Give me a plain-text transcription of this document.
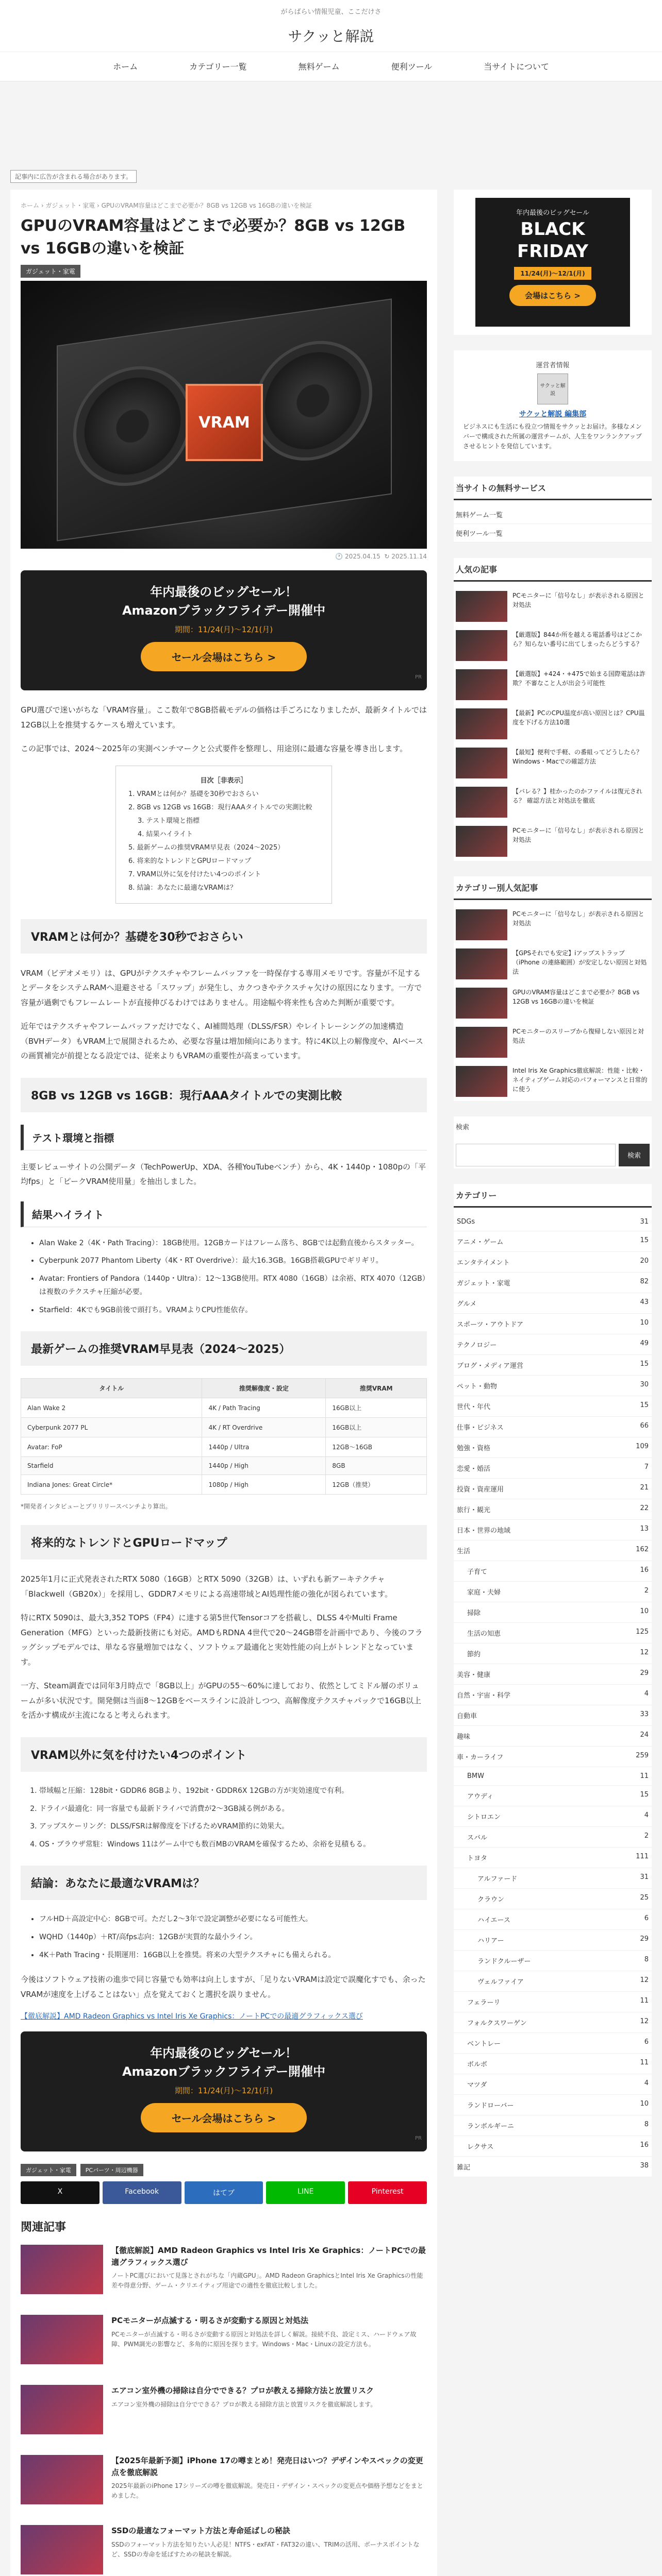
がらばらい情報児童、ここだけさ
サクッと解説
ホーム	カテゴリー一覧	無料ゲーム	便利ツール	当サイトについて
記事内に広告が含まれる場合があります。
ホーム › ガジェット・家電 › GPUのVRAM容量はどこまで必要か？8GB vs 12GB vs 16GBの違いを検証
GPUのVRAM容量はどこまで必要か？8GB vs 12GB vs 16GBの違いを検証
ガジェット・家電
VRAM
🕐 2025.04.15 ↻ 2025.11.14
年内最後のビッグセール！
Amazonブラックフライデー開催中
期間：11/24(月)〜12/1(月)
セール会場はこちら >
PR

GPU選びで迷いがちな「VRAM容量」。ここ数年で8GB搭載モデルの価格は手ごろになりましたが、最新タイトルでは12GB以上を推奨するケースも増えています。

この記事では、2024〜2025年の実測ベンチマークと公式要件を整理し、用途別に最適な容量を導き出します。

目次［非表示］
1. VRAMとは何か？基礎を30秒でおさらい
2. 8GB vs 12GB vs 16GB：現行AAAタイトルでの実測比較
3. テスト環境と指標
4. 結果ハイライト
5. 最新ゲームの推奨VRAM早見表（2024〜2025）
6. 将来的なトレンドとGPUロードマップ
7. VRAM以外に気を付けたい4つのポイント
8. 結論：あなたに最適なVRAMは？
VRAMとは何か？基礎を30秒でおさらい

VRAM（ビデオメモリ）は、GPUがテクスチャやフレームバッファを一時保存する専用メモリです。容量が不足するとデータをシステムRAMへ退避させる「スワップ」が発生し、カクつきやテクスチャ欠けの原因になります。一方で容量が過剰でもフレームレートが直接伸びるわけではありません。用途幅や将来性も含めた判断が重要です。

近年ではテクスチャやフレームバッファだけでなく、AI補間処理（DLSS/FSR）やレイトレーシングの加速構造（BVHデータ）もVRAM上で展開されるため、必要な容量は増加傾向にあります。特に4K以上の解像度や、AIベースの画質補完が前提となる設定では、従来よりもVRAMの重要性が高まっています。

8GB vs 12GB vs 16GB：現行AAAタイトルでの実測比較
テスト環境と指標

主要レビューサイトの公開データ（TechPowerUp、XDA、各種YouTubeベンチ）から、4K・1440p・1080pの「平均fps」と「ピークVRAM使用量」を抽出しました。

結果ハイライト
• Alan Wake 2（4K・Path Tracing）：18GB使用。12GBカードはフレーム落ち、8GBでは起動直後からスタッター。
• Cyberpunk 2077 Phantom Liberty（4K・RT Overdrive）：最大16.3GB。16GB搭載GPUでギリギリ。
• Avatar: Frontiers of Pandora（1440p・Ultra）：12〜13GB使用。RTX 4080（16GB）は余裕、RTX 4070（12GB）は複数のテクスチャ圧縮が必要。
• Starfield：4Kでも9GB前後で頭打ち。VRAMよりCPU性能依存。
最新ゲームの推奨VRAM早見表（2024〜2025）
タイトル	推奨解像度・設定	推奨VRAM
Alan Wake 2	4K / Path Tracing	16GB以上
Cyberpunk 2077 PL	4K / RT Overdrive	16GB以上
Avatar: FoP	1440p / Ultra	12GB〜16GB
Starfield	1440p / High	8GB
Indiana Jones: Great Circle*	1080p / High	12GB（推奨）
*開発者インタビューとプリリリースベンチより算出。
将来的なトレンドとGPUロードマップ

2025年1月に正式発表されたRTX 5080（16GB）とRTX 5090（32GB）は、いずれも新アーキテクチャ「Blackwell（GB20x）」を採用し、GDDR7メモリによる高速帯域とAI処理性能の強化が図られています。

特にRTX 5090は、最大3,352 TOPS（FP4）に達する第5世代Tensorコアを搭載し、DLSS 4やMulti Frame Generation（MFG）といった最新技術にも対応。AMDもRDNA 4世代で20〜24GB帯を計画中であり、今後のフラッグシップモデルでは、単なる容量増加ではなく、ソフトウェア最適化と実効性能の向上がトレンドとなっています。

一方、Steam調査では同年3月時点で「8GB以上」がGPUの55〜60%に達しており、依然としてミドル層のボリュームが多い状況です。開発側は当面8〜12GBをベースラインに設計しつつ、高解像度テクスチャパックで16GB以上を活かす構成が主流になると考えられます。

VRAM以外に気を付けたい4つのポイント
1. 帯域幅と圧縮：128bit・GDDR6 8GBより、192bit・GDDR6X 12GBの方が実効速度で有利。
2. ドライバ最適化：同一容量でも最新ドライバで消費が2〜3GB減る例がある。
3. アップスケーリング：DLSS/FSRは解像度を下げるためVRAM節約に効果大。
4. OS・ブラウザ常駐：Windows 11はゲーム中でも数百MBのVRAMを確保するため、余裕を見積もる。
結論：あなたに最適なVRAMは？
• フルHD＋高設定中心：8GBで可。ただし2〜3年で設定調整が必要になる可能性大。
• WQHD（1440p）＋RT/高fps志向：12GBが実質的な最小ライン。
• 4K＋Path Tracing・長期運用：16GB以上を推奨。将来の大型テクスチャにも備えられる。

今後はソフトウェア技術の進歩で同じ容量でも効率は向上しますが、「足りないVRAMは設定で誤魔化すでも、余ったVRAMが速度を上げることはない」点を覚えておくと選択を誤りません。

【徹底解説】AMD Radeon Graphics vs Intel Iris Xe Graphics：ノートPCでの最適グラフィックス選び
年内最後のビッグセール！
Amazonブラックフライデー開催中
期間：11/24(月)〜12/1(月)
セール会場はこちら >
PR
ガジェット・家電	PCパーツ・周辺機器
X	Facebook	はてブ	LINE	Pinterest
関連記事
【徹底解説】AMD Radeon Graphics vs Intel Iris Xe Graphics：ノートPCでの最適グラフィックス選び
ノートPC選びにおいて見落とされがちな「内蔵GPU」。AMD Radeon GraphicsとIntel Iris Xe Graphicsの性能差や得意分野、ゲーム・クリエイティブ用途での適性を徹底比較しました。
PCモニターが点滅する・明るさが変動する原因と対処法
PCモニターが点滅する・明るさが変動する原因と対処法を詳しく解説。接続不良、設定ミス、ハードウェア故障、PWM調光の影響など、多角的に原因を探ります。Windows・Mac・Linuxの設定方法も。
エアコン室外機の掃除は自分でできる？プロが教える掃除方法と放置リスク
エアコン室外機の掃除は自分でできる？プロが教える掃除方法と放置リスクを徹底解説します。
【2025年最新予測】iPhone 17の噂まとめ！発売日はいつ？デザインやスペックの変更点を徹底解説
2025年最新のiPhone 17シリーズの噂を徹底解説。発売日・デザイン・スペックの変更点や価格予想などをまとめました。
SSDの最適なフォーマット方法と寿命延ばしの秘訣
SSDのフォーマット方法を知りたい人必見！NTFS・exFAT・FAT32の違い、TRIMの活用、ボーナスポイントなど、SSDの寿命を延ばすための秘訣を解説。
年内最後のビッグセール
BLACK
FRIDAY
11/24(月)〜12/1(月)
会場はこちら >
運営者情報
サクッと解説
サクッと解説 編集部
ビジネスにも生活にも役立つ情報をサクッとお届け。多様なメンバーで構成された所属の運営チームが、人生をワンランクアップさせるヒントを発信しています。
当サイトの無料サービス
無料ゲーム一覧
便利ツール一覧
人気の記事
PCモニターに「信号なし」が表示される原因と対処法
【厳選版】844か所を越える電話番号はどこから？知らない番号に出てしまったらどうする？
【厳選版】+424・+475で始まる国際電話は詐欺？不審なこと人が出会う可能性
【最新】PCのCPU温度が高い原因とは？CPU温度を下げる方法10選
【最短】便利で手軽、の番組ってどうしたら？Windows・Macでの確認方法
【バレる？】桂かったのかファイルは復元される？ 確認方法と対処法を徹底
PCモニターに「信号なし」が表示される原因と対処法
カテゴリー別人気記事
PCモニターに「信号なし」が表示される原因と対処法
【GPSそれでも安定】iアップストラップ（iPhone の連絡範囲）が安定しない原因と対処法
GPUのVRAM容量はどこまで必要か？8GB vs 12GB vs 16GBの違いを検証
PCモニターのスリープから復帰しない原因と対処法
Intel Iris Xe Graphics徹底解説：性能・比較・ネイティブゲーム対応のパフォーマンスと日常的に使う
検索
検索
カテゴリー
SDGs	31
アニメ・ゲーム	15
エンタテイメント	20
ガジェット・家電	82
グルメ	43
スポーツ・アウトドア	10
テクノロジー	49
ブログ・メディア運営	15
ペット・動物	30
世代・年代	15
仕事・ビジネス	66
勉強・資格	109
恋愛・婚活	7
投資・資産運用	21
旅行・観光	22
日本・世界の地域	13
生活	162
子育て	16
家庭・夫婦	2
掃除	10
生活の知恵	125
節約	12
美容・健康	29
自然・宇宙・科学	4
自動車	33
趣味	24
車・カーライフ	259
BMW	11
アウディ	15
シトロエン	4
スバル	2
トヨタ	111
アルファード	31
クラウン	25
ハイエース	6
ハリアー	29
ランドクルーザー	8
ヴェルファイア	12
フェラーリ	11
フォルクスワーゲン	12
ベントレー	6
ボルボ	11
マツダ	4
ランドローバー	10
ランボルギーニ	8
レクサス	16
雑記	38
